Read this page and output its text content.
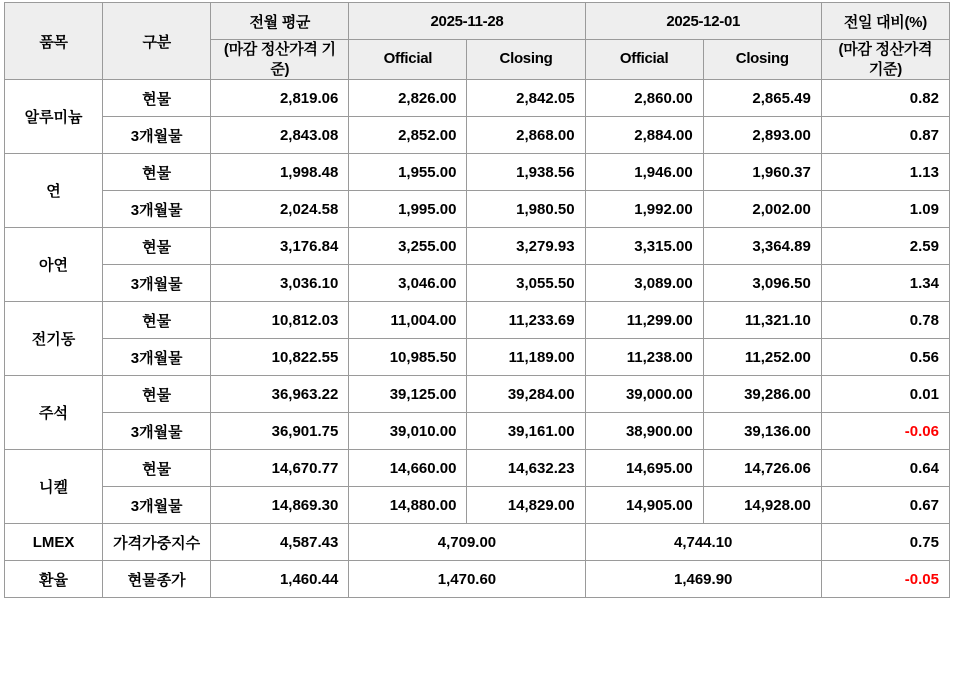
품목	구분	전월 평균	2025-11-28		2025-12-01		전일 대비(%)
		(마감 정산가격 기준)	Official	Closing	Official	Closing	(마감 정산가격 기준)
알루미늄	현물	2,819.06	2,826.00	2,842.05	2,860.00	2,865.49	0.82
	3개월물	2,843.08	2,852.00	2,868.00	2,884.00	2,893.00	0.87
연	현물	1,998.48	1,955.00	1,938.56	1,946.00	1,960.37	1.13
	3개월물	2,024.58	1,995.00	1,980.50	1,992.00	2,002.00	1.09
아연	현물	3,176.84	3,255.00	3,279.93	3,315.00	3,364.89	2.59
	3개월물	3,036.10	3,046.00	3,055.50	3,089.00	3,096.50	1.34
전기동	현물	10,812.03	11,004.00	11,233.69	11,299.00	11,321.10	0.78
	3개월물	10,822.55	10,985.50	11,189.00	11,238.00	11,252.00	0.56
주석	현물	36,963.22	39,125.00	39,284.00	39,000.00	39,286.00	0.01
	3개월물	36,901.75	39,010.00	39,161.00	38,900.00	39,136.00	-0.06
니켈	현물	14,670.77	14,660.00	14,632.23	14,695.00	14,726.06	0.64
	3개월물	14,869.30	14,880.00	14,829.00	14,905.00	14,928.00	0.67
LMEX	가격가중지수	4,587.43	4,709.00		4,744.10		0.75
환율	현물종가	1,460.44	1,470.60		1,469.90		-0.05
